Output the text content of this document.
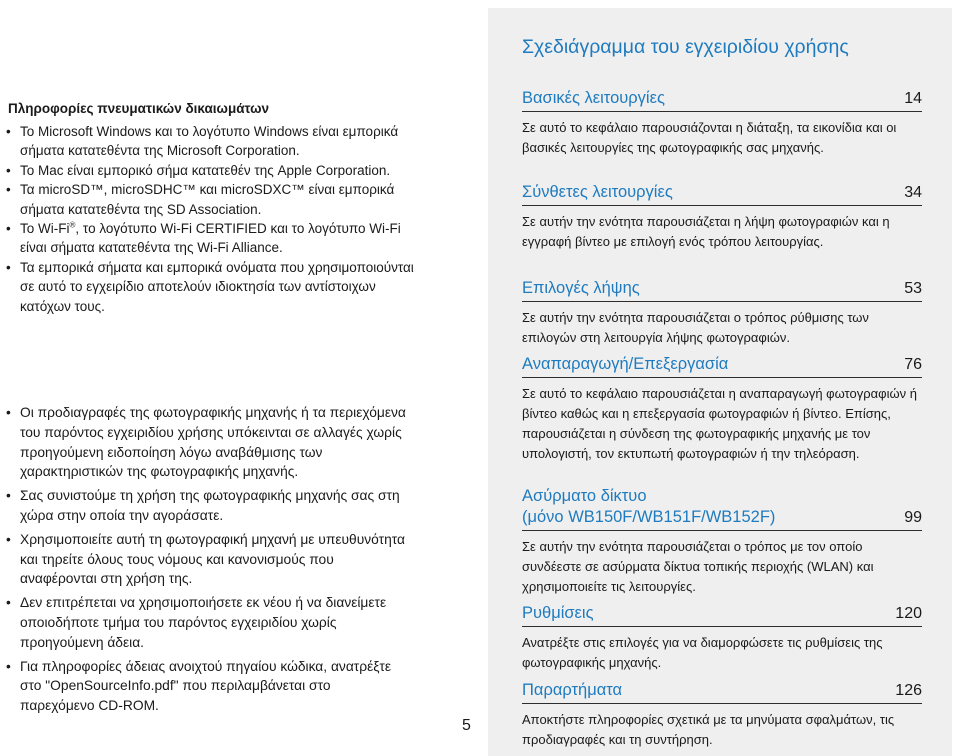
Πληροφορίες πνευματικών δικαιωμάτων
• Το Microsoft Windows και το λογότυπο Windows είναι εμπορικά σήματα κατατεθέντα της Microsoft Corporation.
• Το Mac είναι εμπορικό σήμα κατατεθέν της Apple Corporation.
• Τα microSD™, microSDHC™ και microSDXC™ είναι εμπορικά σήματα κατατεθέντα της SD Association.
• Το Wi-Fi®, το λογότυπο Wi-Fi CERTIFIED και το λογότυπο Wi-Fi είναι σήματα κατατεθέντα της Wi-Fi Alliance.
• Τα εμπορικά σήματα και εμπορικά ονόματα που χρησιμοποιούνται σε αυτό το εγχειρίδιο αποτελούν ιδιοκτησία των αντίστοιχων κατόχων τους.
• Οι προδιαγραφές της φωτογραφικής μηχανής ή τα περιεχόμενα του παρόντος εγχειριδίου χρήσης υπόκεινται σε αλλαγές χωρίς προηγούμενη ειδοποίηση λόγω αναβάθμισης των χαρακτηριστικών της φωτογραφικής μηχανής.
• Σας συνιστούμε τη χρήση της φωτογραφικής μηχανής σας στη χώρα στην οποία την αγοράσατε.
• Χρησιμοποιείτε αυτή τη φωτογραφική μηχανή με υπευθυνότητα και τηρείτε όλους τους νόμους και κανονισμούς που αναφέρονται στη χρήση της.
• Δεν επιτρέπεται να χρησιμοποιήσετε εκ νέου ή να διανείμετε οποιοδήποτε τμήμα του παρόντος εγχειριδίου χωρίς προηγούμενη άδεια.
• Για πληροφορίες άδειας ανοιχτού πηγαίου κώδικα, ανατρέξτε στο "OpenSourceInfo.pdf" που περιλαμβάνεται στο παρεχόμενο CD-ROM.
5
Σχεδιάγραμμα του εγχειριδίου χρήσης
Βασικές λειτουργίες	14

Σε αυτό το κεφάλαιο παρουσιάζονται η διάταξη, τα εικονίδια και οι βασικές λειτουργίες της φωτογραφικής σας μηχανής.

Σύνθετες λειτουργίες	34

Σε αυτήν την ενότητα παρουσιάζεται η λήψη φωτογραφιών και η εγγραφή βίντεο με επιλογή ενός τρόπου λειτουργίας.

Επιλογές λήψης	53

Σε αυτήν την ενότητα παρουσιάζεται ο τρόπος ρύθμισης των επιλογών στη λειτουργία λήψης φωτογραφιών.

Αναπαραγωγή/Επεξεργασία	76

Σε αυτό το κεφάλαιο παρουσιάζεται η αναπαραγωγή φωτογραφιών ή βίντεο καθώς και η επεξεργασία φωτογραφιών ή βίντεο. Επίσης, παρουσιάζεται η σύνδεση της φωτογραφικής μηχανής με τον υπολογιστή, τον εκτυπωτή φωτογραφιών ή την τηλεόραση.

Ασύρματο δίκτυο
(μόνο WB150F/WB151F/WB152F)	99

Σε αυτήν την ενότητα παρουσιάζεται ο τρόπος με τον οποίο συνδέεστε σε ασύρματα δίκτυα τοπικής περιοχής (WLAN) και χρησιμοποιείτε τις λειτουργίες.

Ρυθμίσεις	120

Ανατρέξτε στις επιλογές για να διαμορφώσετε τις ρυθμίσεις της φωτογραφικής μηχανής.

Παραρτήματα	126

Αποκτήστε πληροφορίες σχετικά με τα μηνύματα σφαλμάτων, τις προδιαγραφές και τη συντήρηση.
